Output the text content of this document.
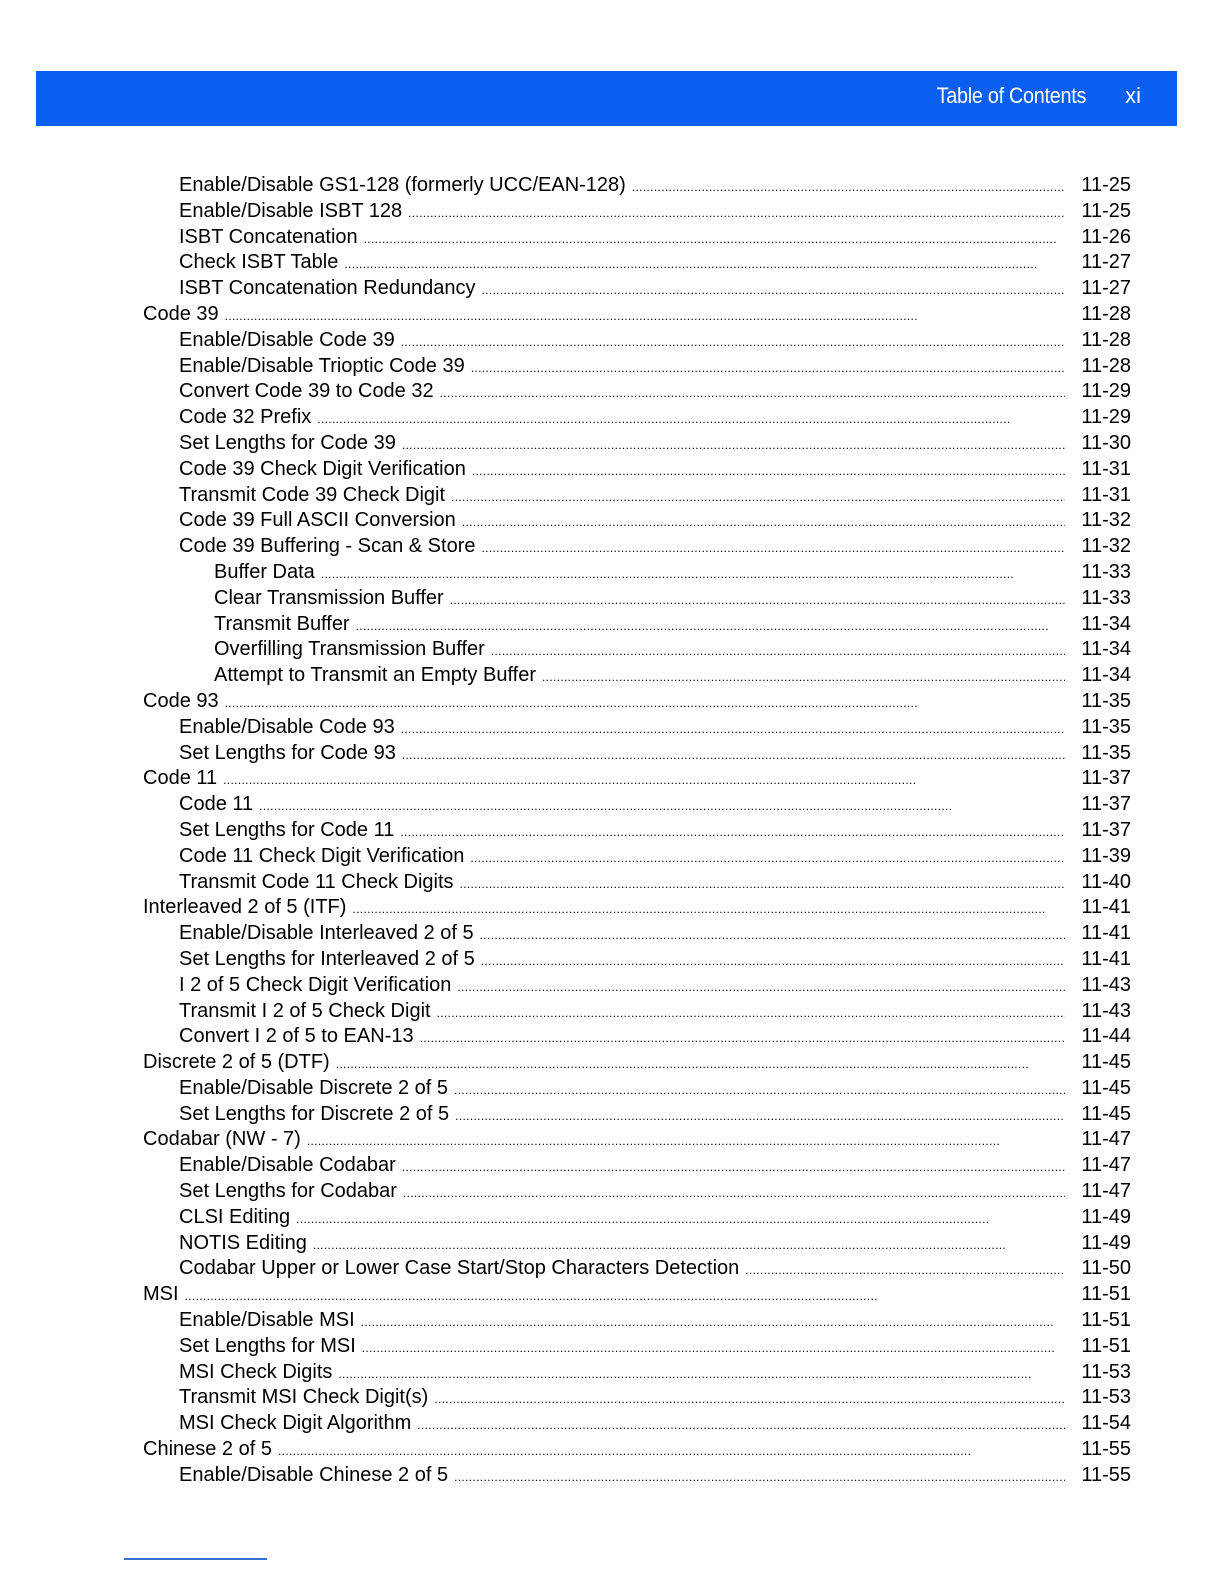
Table of Contents xi
Enable/Disable GS1-128 (formerly UCC/EAN-128) . . .	11-25
Enable/Disable ISBT 128 . . .	11-25
ISBT Concatenation . . .	11-26
Check ISBT Table . . .	11-27
ISBT Concatenation Redundancy . . .	11-27
Code 39 . . .	11-28
Enable/Disable Code 39 . . .	11-28
Enable/Disable Trioptic Code 39 . . .	11-28
Convert Code 39 to Code 32 . . .	11-29
Code 32 Prefix . . .	11-29
Set Lengths for Code 39 . . .	11-30
Code 39 Check Digit Verification . . .	11-31
Transmit Code 39 Check Digit . . .	11-31
Code 39 Full ASCII Conversion . . .	11-32
Code 39 Buffering - Scan & Store . . .	11-32
Buffer Data . . .	11-33
Clear Transmission Buffer . . .	11-33
Transmit Buffer . . .	11-34
Overfilling Transmission Buffer . . .	11-34
Attempt to Transmit an Empty Buffer . . .	11-34
Code 93 . . .	11-35
Enable/Disable Code 93 . . .	11-35
Set Lengths for Code 93 . . .	11-35
Code 11 . . .	11-37
Code 11 . . .	11-37
Set Lengths for Code 11 . . .	11-37
Code 11 Check Digit Verification . . .	11-39
Transmit Code 11 Check Digits . . .	11-40
Interleaved 2 of 5 (ITF) . . .	11-41
Enable/Disable Interleaved 2 of 5 . . .	11-41
Set Lengths for Interleaved 2 of 5 . . .	11-41
I 2 of 5 Check Digit Verification . . .	11-43
Transmit I 2 of 5 Check Digit . . .	11-43
Convert I 2 of 5 to EAN-13 . . .	11-44
Discrete 2 of 5 (DTF) . . .	11-45
Enable/Disable Discrete 2 of 5 . . .	11-45
Set Lengths for Discrete 2 of 5 . . .	11-45
Codabar (NW - 7) . . .	11-47
Enable/Disable Codabar . . .	11-47
Set Lengths for Codabar . . .	11-47
CLSI Editing . . .	11-49
NOTIS Editing . . .	11-49
Codabar Upper or Lower Case Start/Stop Characters Detection . . .	11-50
MSI . . .	11-51
Enable/Disable MSI . . .	11-51
Set Lengths for MSI . . .	11-51
MSI Check Digits . . .	11-53
Transmit MSI Check Digit(s) . . .	11-53
MSI Check Digit Algorithm . . .	11-54
Chinese 2 of 5 . . .	11-55
Enable/Disable Chinese 2 of 5 . . .	11-55
